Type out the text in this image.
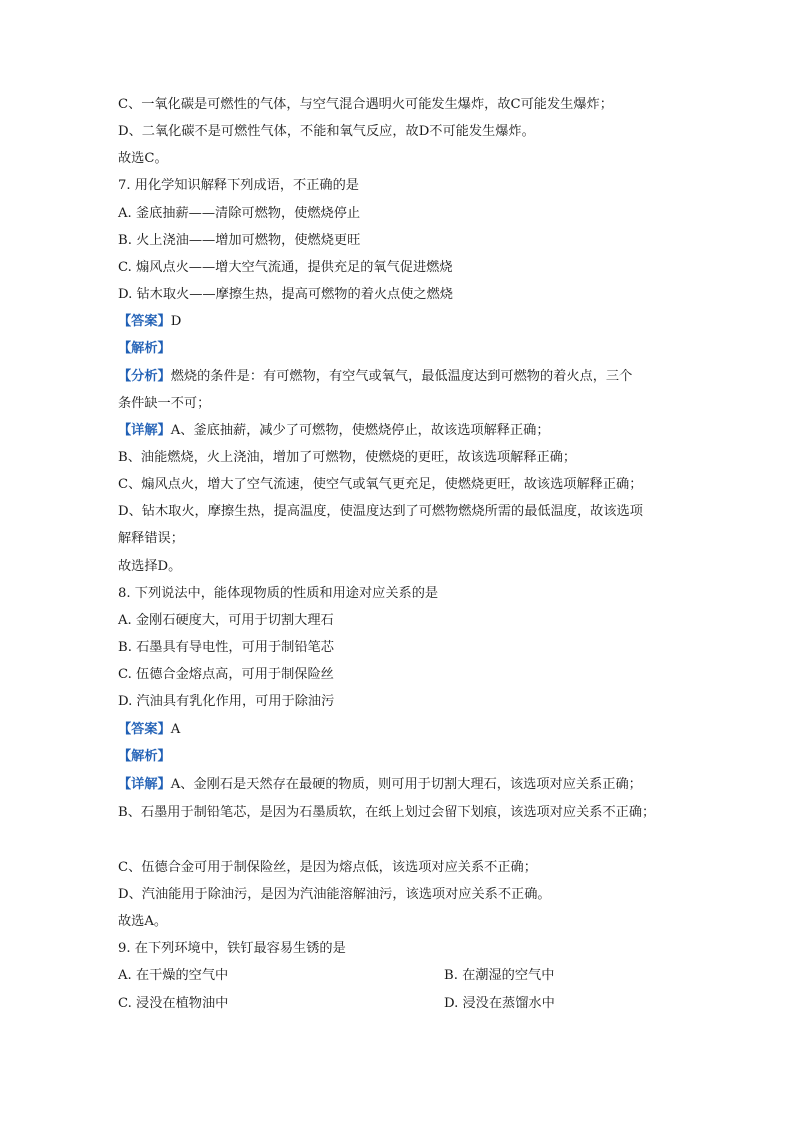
C、一氧化碳是可燃性的气体，与空气混合遇明火可能发生爆炸，故C可能发生爆炸；
D、二氧化碳不是可燃性气体，不能和氧气反应，故D不可能发生爆炸。
故选C。
7. 用化学知识解释下列成语，不正确的是
A. 釜底抽薪——清除可燃物，使燃烧停止
B. 火上浇油——增加可燃物，使燃烧更旺
C. 煽风点火——增大空气流通，提供充足的氧气促进燃烧
D. 钻木取火——摩擦生热，提高可燃物的着火点使之燃烧
【答案】D
【解析】
【分析】燃烧的条件是：有可燃物，有空气或氧气，最低温度达到可燃物的着火点，三个
条件缺一不可；
【详解】A、釜底抽薪，减少了可燃物，使燃烧停止，故该选项解释正确；
B、油能燃烧，火上浇油，增加了可燃物，使燃烧的更旺，故该选项解释正确；
C、煽风点火，增大了空气流速，使空气或氧气更充足，使燃烧更旺，故该选项解释正确；
D、钻木取火，摩擦生热，提高温度，使温度达到了可燃物燃烧所需的最低温度，故该选项
解释错误；
故选择D。
8. 下列说法中，能体现物质的性质和用途对应关系的是
A. 金刚石硬度大，可用于切割大理石
B. 石墨具有导电性，可用于制铅笔芯
C. 伍德合金熔点高，可用于制保险丝
D. 汽油具有乳化作用，可用于除油污
【答案】A
【解析】
【详解】A、金刚石是天然存在最硬的物质，则可用于切割大理石，该选项对应关系正确；
B、石墨用于制铅笔芯，是因为石墨质软，在纸上划过会留下划痕，该选项对应关系不正确；
C、伍德合金可用于制保险丝，是因为熔点低，该选项对应关系不正确；
D、汽油能用于除油污，是因为汽油能溶解油污，该选项对应关系不正确。
故选A。
9. 在下列环境中，铁钉最容易生锈的是
A. 在干燥的空气中	B. 在潮湿的空气中
C. 浸没在植物油中	D. 浸没在蒸馏水中
